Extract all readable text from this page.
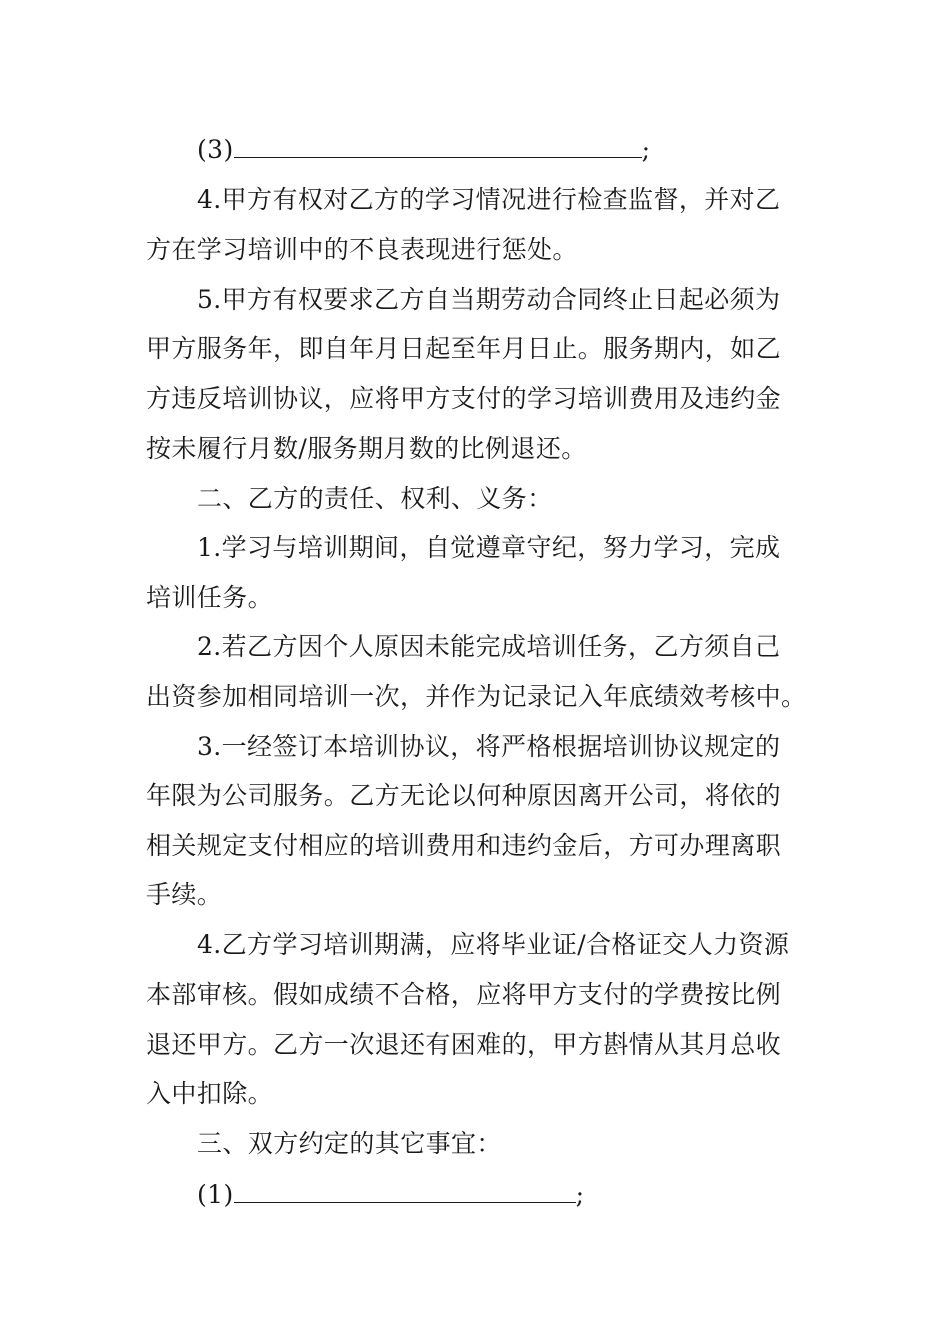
(3)	;
4.甲方有权对乙方的学习情况进行检查监督，并对乙
方在学习培训中的不良表现进行惩处。
5.甲方有权要求乙方自当期劳动合同终止日起必须为
甲方服务年，即自年月日起至年月日止。服务期内，如乙
方违反培训协议，应将甲方支付的学习培训费用及违约金
按未履行月数/服务期月数的比例退还。
二、乙方的责任、权利、义务：
1.学习与培训期间，自觉遵章守纪，努力学习，完成
培训任务。
2.若乙方因个人原因未能完成培训任务，乙方须自己
出资参加相同培训一次，并作为记录记入年底绩效考核中。
3.一经签订本培训协议，将严格根据培训协议规定的
年限为公司服务。乙方无论以何种原因离开公司，将依的
相关规定支付相应的培训费用和违约金后，方可办理离职
手续。
4.乙方学习培训期满，应将毕业证/合格证交人力资源
本部审核。假如成绩不合格，应将甲方支付的学费按比例
退还甲方。乙方一次退还有困难的，甲方斟情从其月总收
入中扣除。
三、双方约定的其它事宜：
(1)	;
